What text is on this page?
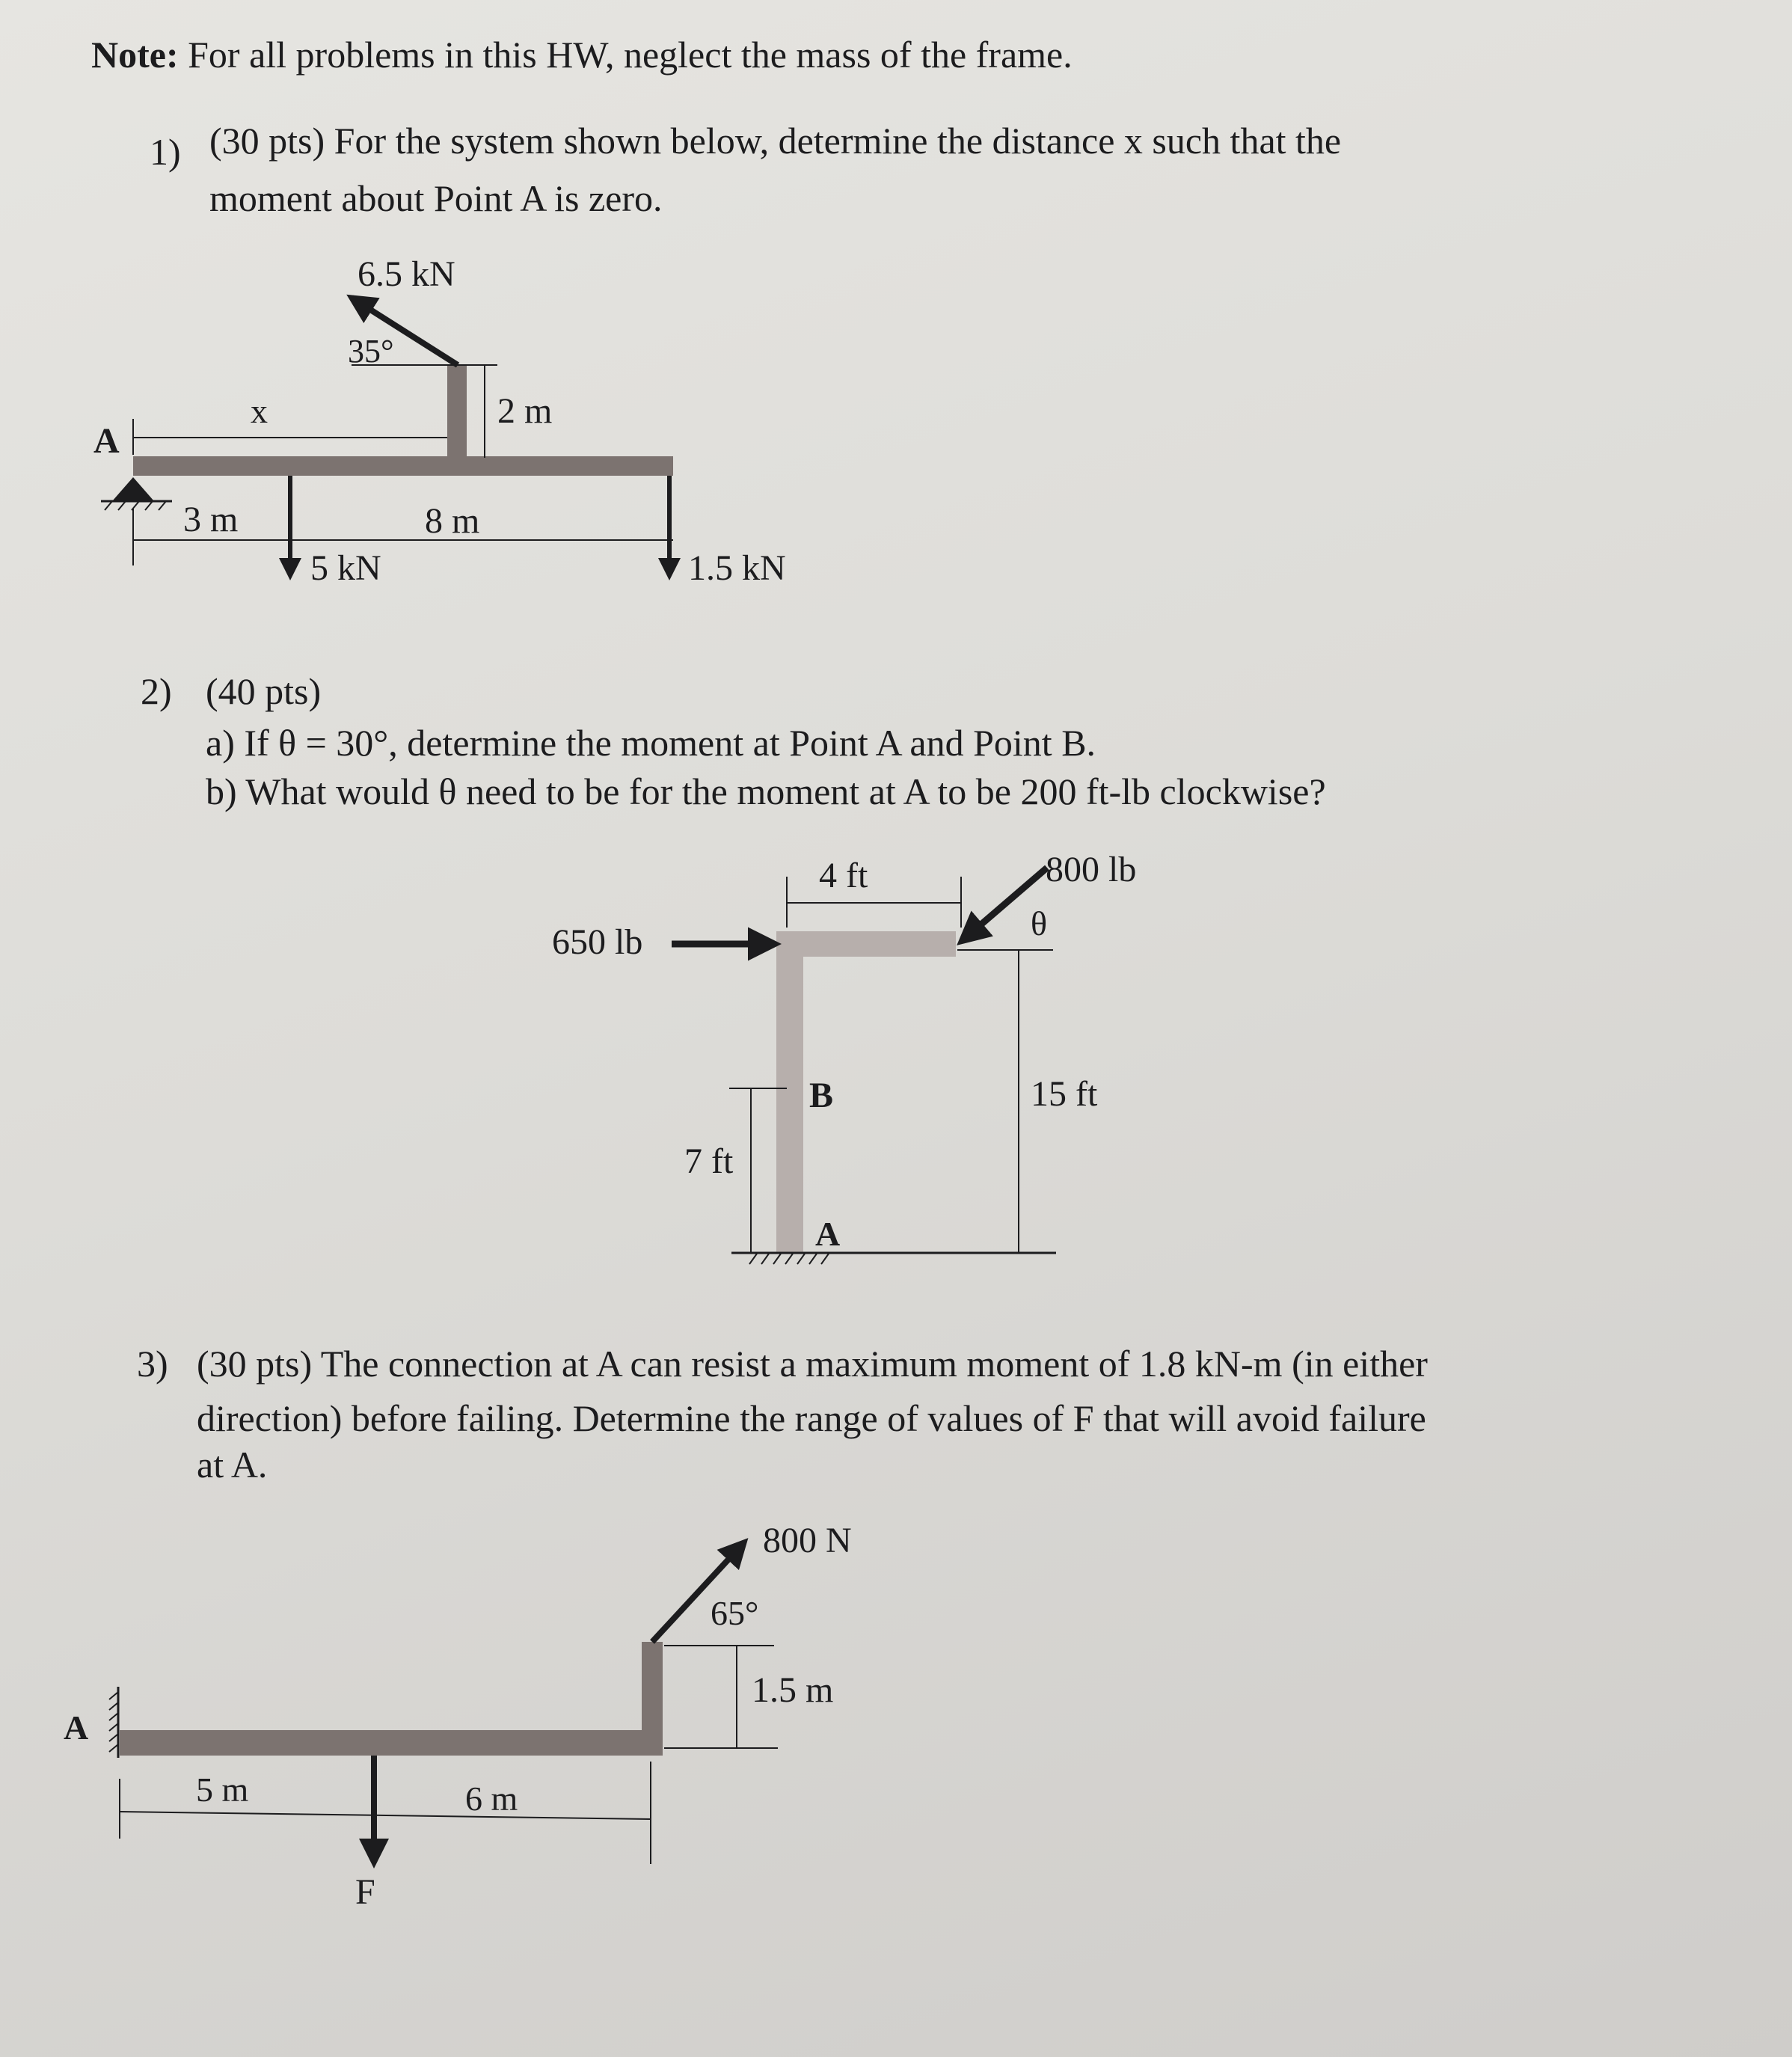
Note: For all problems in this HW, neglect the mass of the frame.
1) (30 pts) For the system shown below, determine the distance x such that the
moment about Point A is zero.
2) (40 pts)
a) If θ = 30°, determine the moment at Point A and Point B.
b) What would θ need to be for the moment at A to be 200 ft-lb clockwise?
3) (30 pts) The connection at A can resist a maximum moment of 1.8 kN-m (in either
direction) before failing. Determine the range of values of F that will avoid failure
at A.
6.5 kN
35°
x	2 m
A
3 m	8 m
5 kN	1.5 kN
4 ft	800 lb
θ
650 lb
B	15 ft
7 ft
A
800 N
65°
1.5 m
A
5 m	6 m
F
